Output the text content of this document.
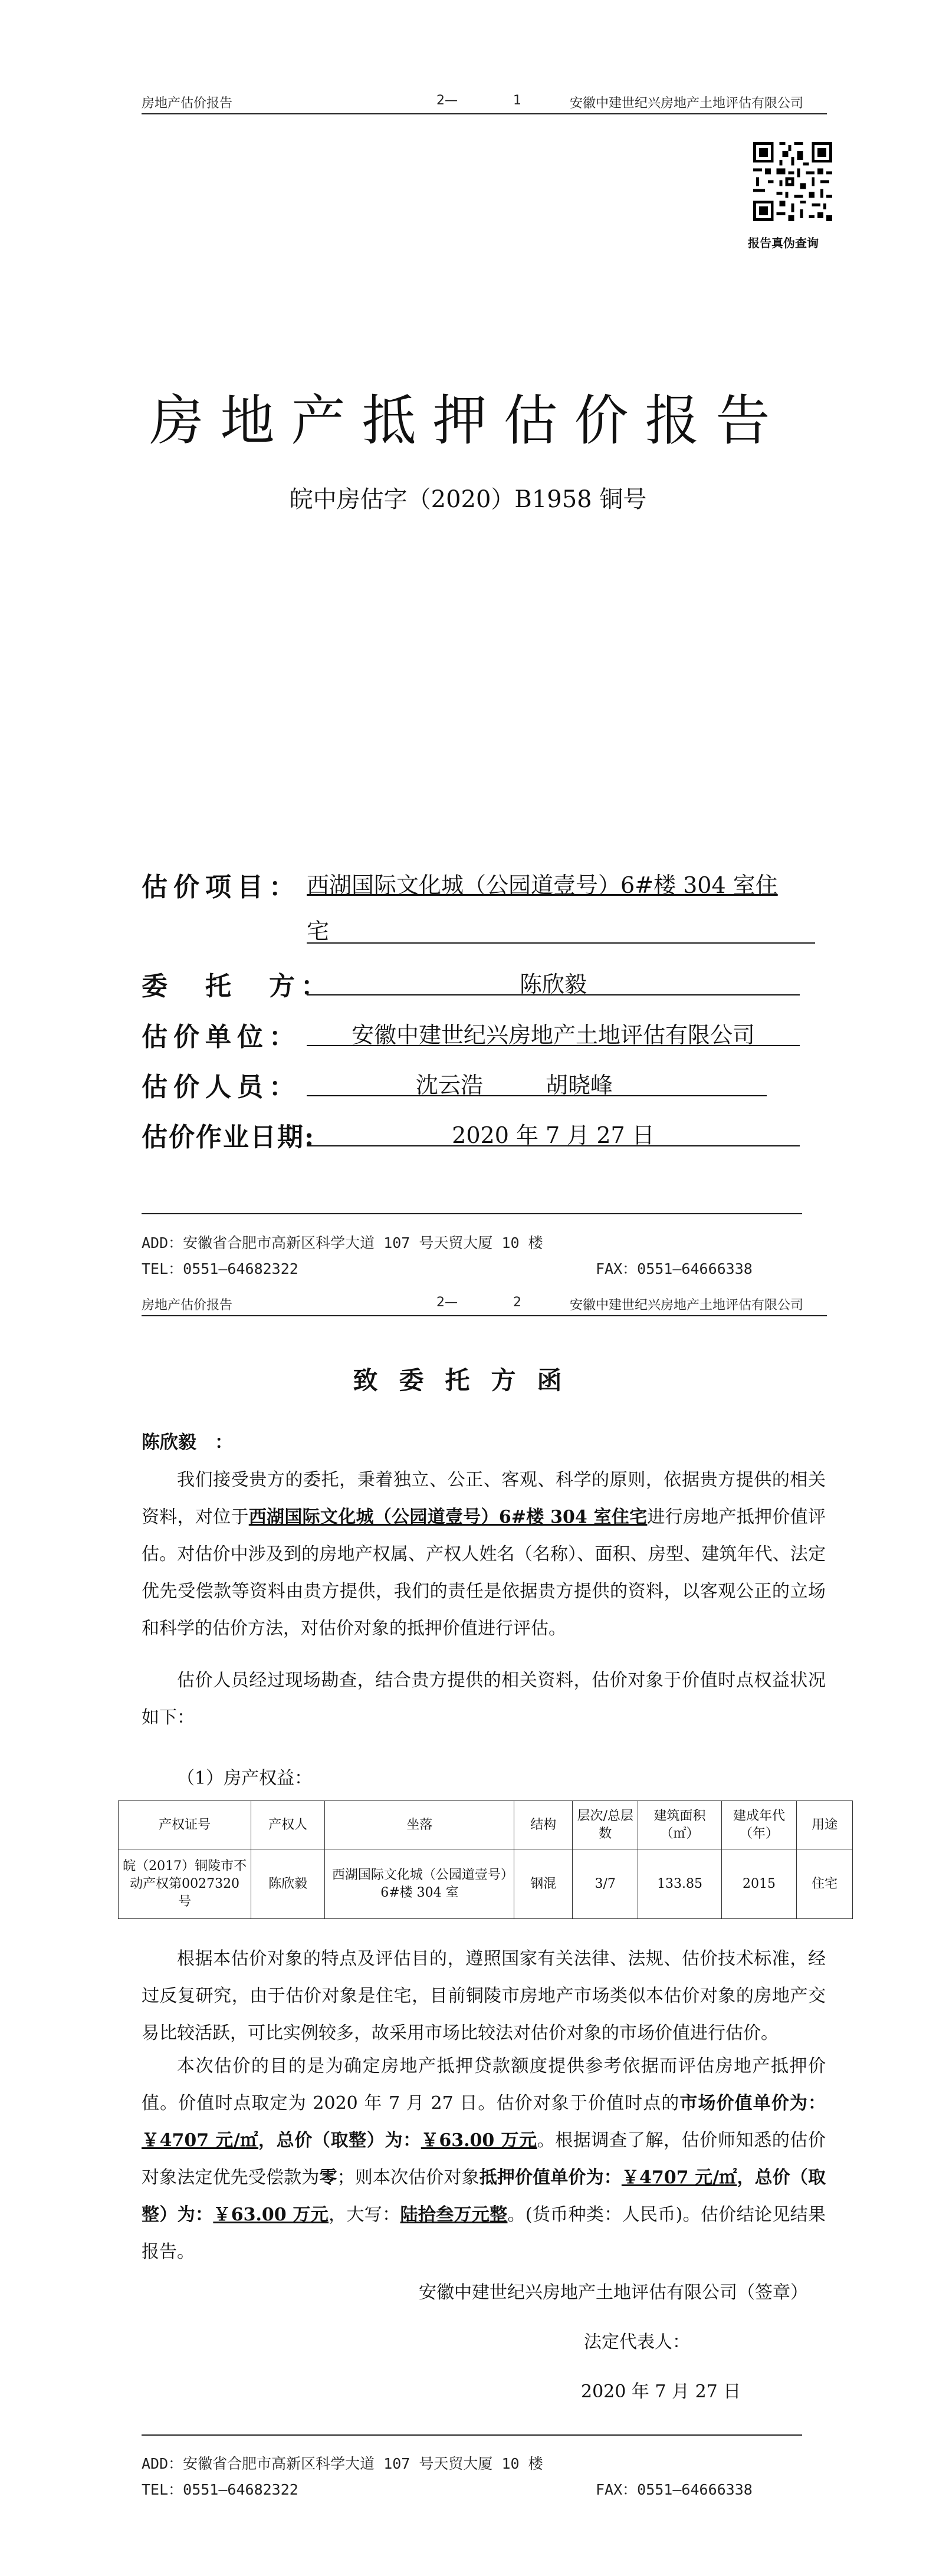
房地产估价报告	2—	1	安徽中建世纪兴房地产土地评估有限公司
报告真伪查询
房地产抵押估价报告
皖中房估字（2020）B1958 铜号
估价项目： 西湖国际文化城（公园道壹号）6#楼 304 室住
宅
委　托　方：	陈欣毅
估价单位：	安徽中建世纪兴房地产土地评估有限公司
估价人员：	沈云浩	胡晓峰
估价作业日期:	2020 年 7 月 27 日
ADD：安徽省合肥市高新区科学大道 107 号天贸大厦 10 楼
TEL：0551—64682322	FAX：0551—64666338
房地产估价报告	2—	2	安徽中建世纪兴房地产土地评估有限公司
致委托方函
陈欣毅　：
我们接受贵方的委托，秉着独立、公正、客观、科学的原则，依据贵方提供的相关资料，对位于西湖国际文化城（公园道壹号）6#楼 304 室住宅进行房地产抵押价值评估。对估价中涉及到的房地产权属、产权人姓名（名称）、面积、房型、建筑年代、法定优先受偿款等资料由贵方提供，我们的责任是依据贵方提供的资料，以客观公正的立场和科学的估价方法，对估价对象的抵押价值进行评估。
估价人员经过现场勘查，结合贵方提供的相关资料，估价对象于价值时点权益状况如下：
（1）房产权益：
产权证号	产权人	坐落	结构	层次/总层数	建筑面积（㎡）	建成年代（年）	用途
皖（2017）铜陵市不动产权第0027320 号	陈欣毅	西湖国际文化城（公园道壹号）6#楼 304 室	钢混	3/7	133.85	2015	住宅
根据本估价对象的特点及评估目的，遵照国家有关法律、法规、估价技术标准，经过反复研究，由于估价对象是住宅，目前铜陵市房地产市场类似本估价对象的房地产交易比较活跃，可比实例较多，故采用市场比较法对估价对象的市场价值进行估价。
本次估价的目的是为确定房地产抵押贷款额度提供参考依据而评估房地产抵押价值。价值时点取定为 2020 年 7 月 27 日。估价对象于价值时点的市场价值单价为：￥4707 元/㎡，总价（取整）为：￥63.00 万元。根据调查了解，估价师知悉的估价对象法定优先受偿款为零；则本次估价对象抵押价值单价为：￥4707 元/㎡，总价（取整）为：￥63.00 万元，大写：陆拾叁万元整。(货币种类：人民币)。估价结论见结果报告。
安徽中建世纪兴房地产土地评估有限公司（签章）
法定代表人：
2020 年 7 月 27 日
ADD：安徽省合肥市高新区科学大道 107 号天贸大厦 10 楼
TEL：0551—64682322	FAX：0551—64666338
